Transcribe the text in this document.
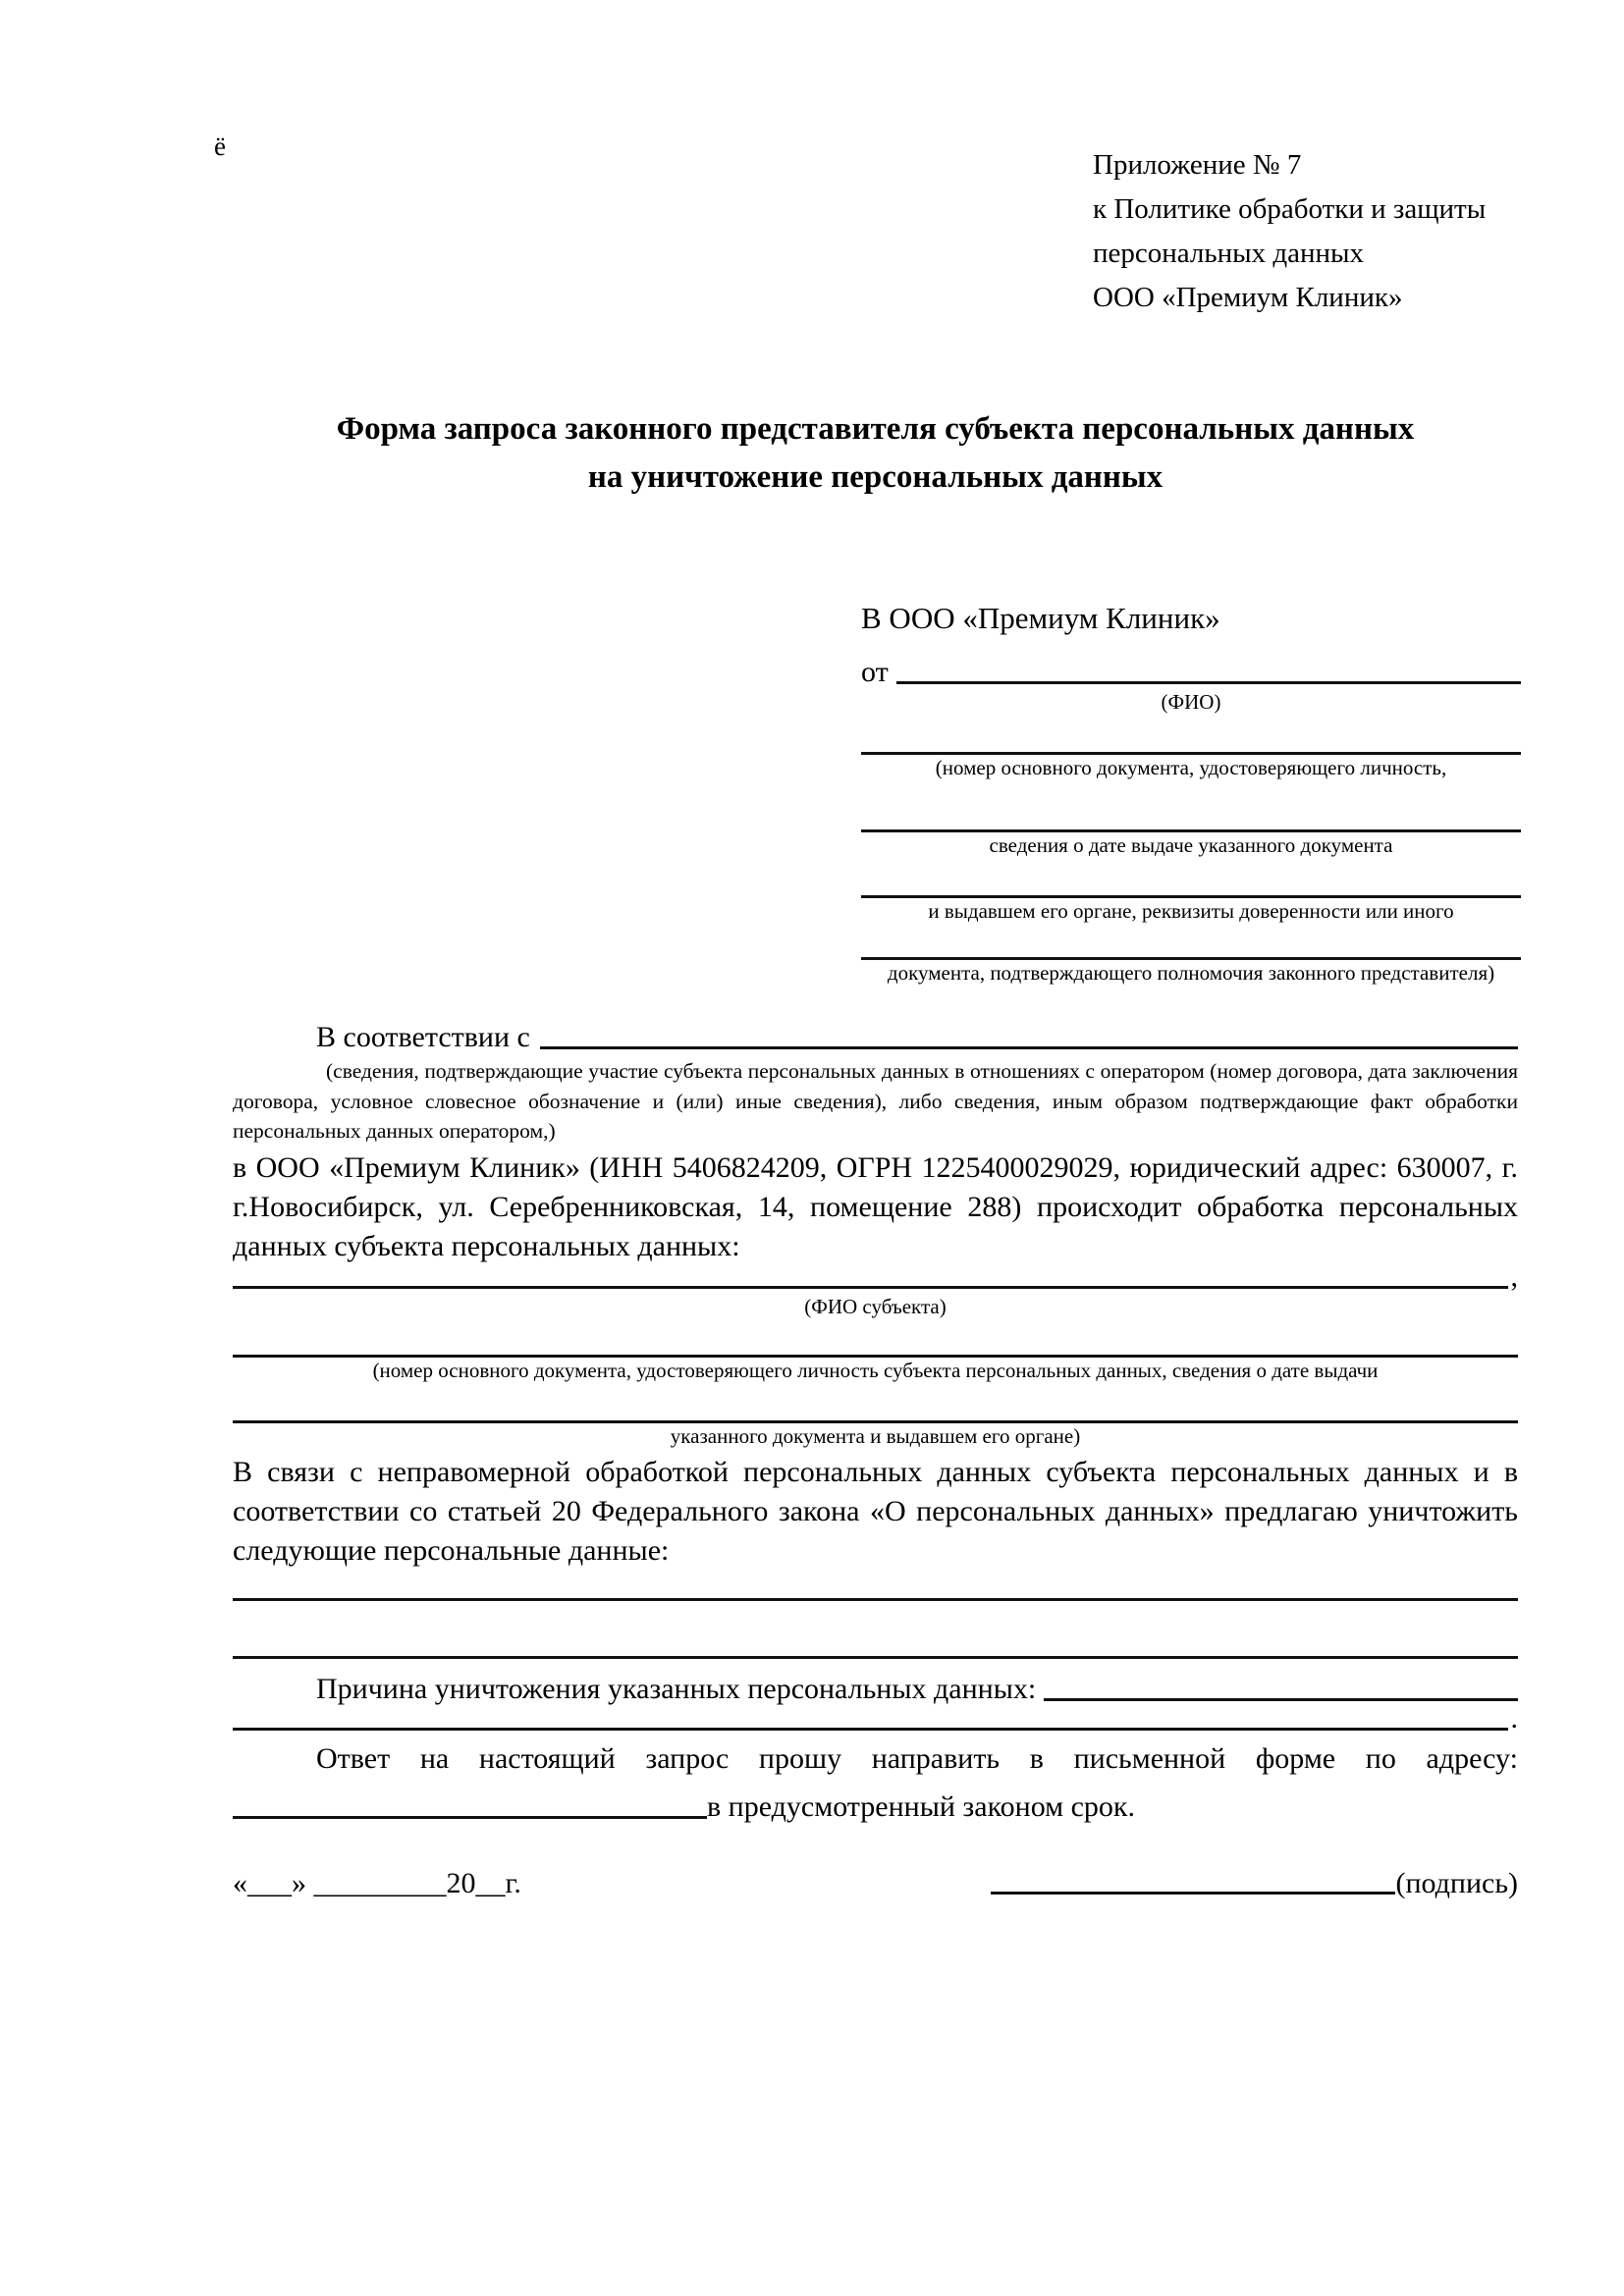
ё
Приложение № 7
к Политике обработки и защиты
персональных данных
ООО «Премиум Клиник»
Форма запроса законного представителя субъекта персональных данных
на уничтожение персональных данных
В ООО «Премиум Клиник»
от
(ФИО)
(номер основного документа, удостоверяющего личность,
сведения о дате выдаче указанного документа
и выдавшем его органе, реквизиты доверенности или иного
документа, подтверждающего полномочия законного представителя)
В соответствии с
(сведения, подтверждающие участие субъекта персональных данных в отношениях с оператором (номер договора, дата заключения договора, условное словесное обозначение и (или) иные сведения), либо сведения, иным образом подтверждающие факт обработки персональных данных оператором,)

в ООО «Премиум Клиник» (ИНН 5406824209, ОГРН 1225400029029, юридический адрес: 630007, г. г.Новосибирск, ул. Серебренниковская, 14, помещение 288) происходит обработка персональных данных субъекта персональных данных:

,
(ФИО субъекта)
(номер основного документа, удостоверяющего личность субъекта персональных данных, сведения о дате выдачи
указанного документа и выдавшем его органе)

В связи с неправомерной обработкой персональных данных субъекта персональных данных и в соответствии со статьей 20 Федерального закона «О персональных данных» предлагаю уничтожить следующие персональные данные:

Причина уничтожения указанных персональных данных:
.
Ответ на настоящий запрос прошу направить в письменной форме по адресу:
в предусмотренный законом срок.
«___» _________20__г.	(подпись)
